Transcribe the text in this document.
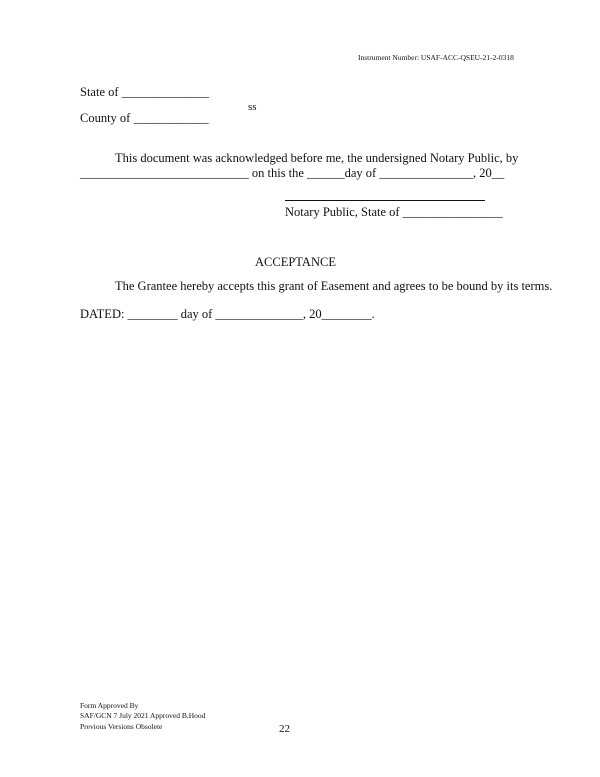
Instrument Number: USAF-ACC-QSEU-21-2-0318
State of ______________
ss
County of ____________
This document was acknowledged before me, the undersigned Notary Public, by
___________________________ on this the ______day of _______________, 20__
Notary Public, State of ________________
ACCEPTANCE
The Grantee hereby accepts this grant of Easement and agrees to be bound by its terms.
DATED: ________ day of ______________, 20________.
Form Approved By
SAF/GCN 7 July 2021 Approved B.Hood
Previous Versions Obsolete	22
